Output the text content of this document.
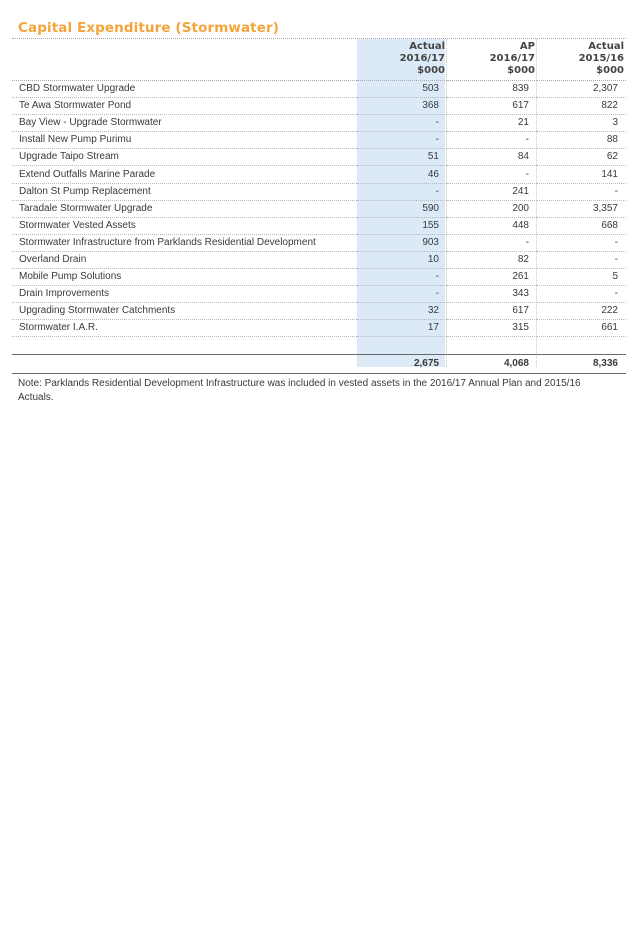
Capital Expenditure (Stormwater)
	Actual
2016/17
$000	AP
2016/17
$000	Actual
2015/16
$000
CBD Stormwater Upgrade	503	839	2,307
Te Awa Stormwater Pond	368	617	822
Bay View - Upgrade Stormwater	-	21	3
Install New Pump Purimu	-	-	88
Upgrade Taipo Stream	51	84	62
Extend Outfalls Marine Parade	46	-	141
Dalton St Pump Replacement	-	241	-
Taradale Stormwater Upgrade	590	200	3,357
Stormwater Vested Assets	155	448	668
Stormwater Infrastructure from Parklands Residential Development	903	-	-
Overland Drain	10	82	-
Mobile Pump Solutions	-	261	5
Drain Improvements	-	343	-
Upgrading Stormwater Catchments	32	617	222
Stormwater I.A.R.	17	315	661

	2,675	4,068	8,336

Note: Parklands Residential Development Infrastructure was included in vested assets in the 2016/17 Annual Plan and 2015/16 Actuals.
